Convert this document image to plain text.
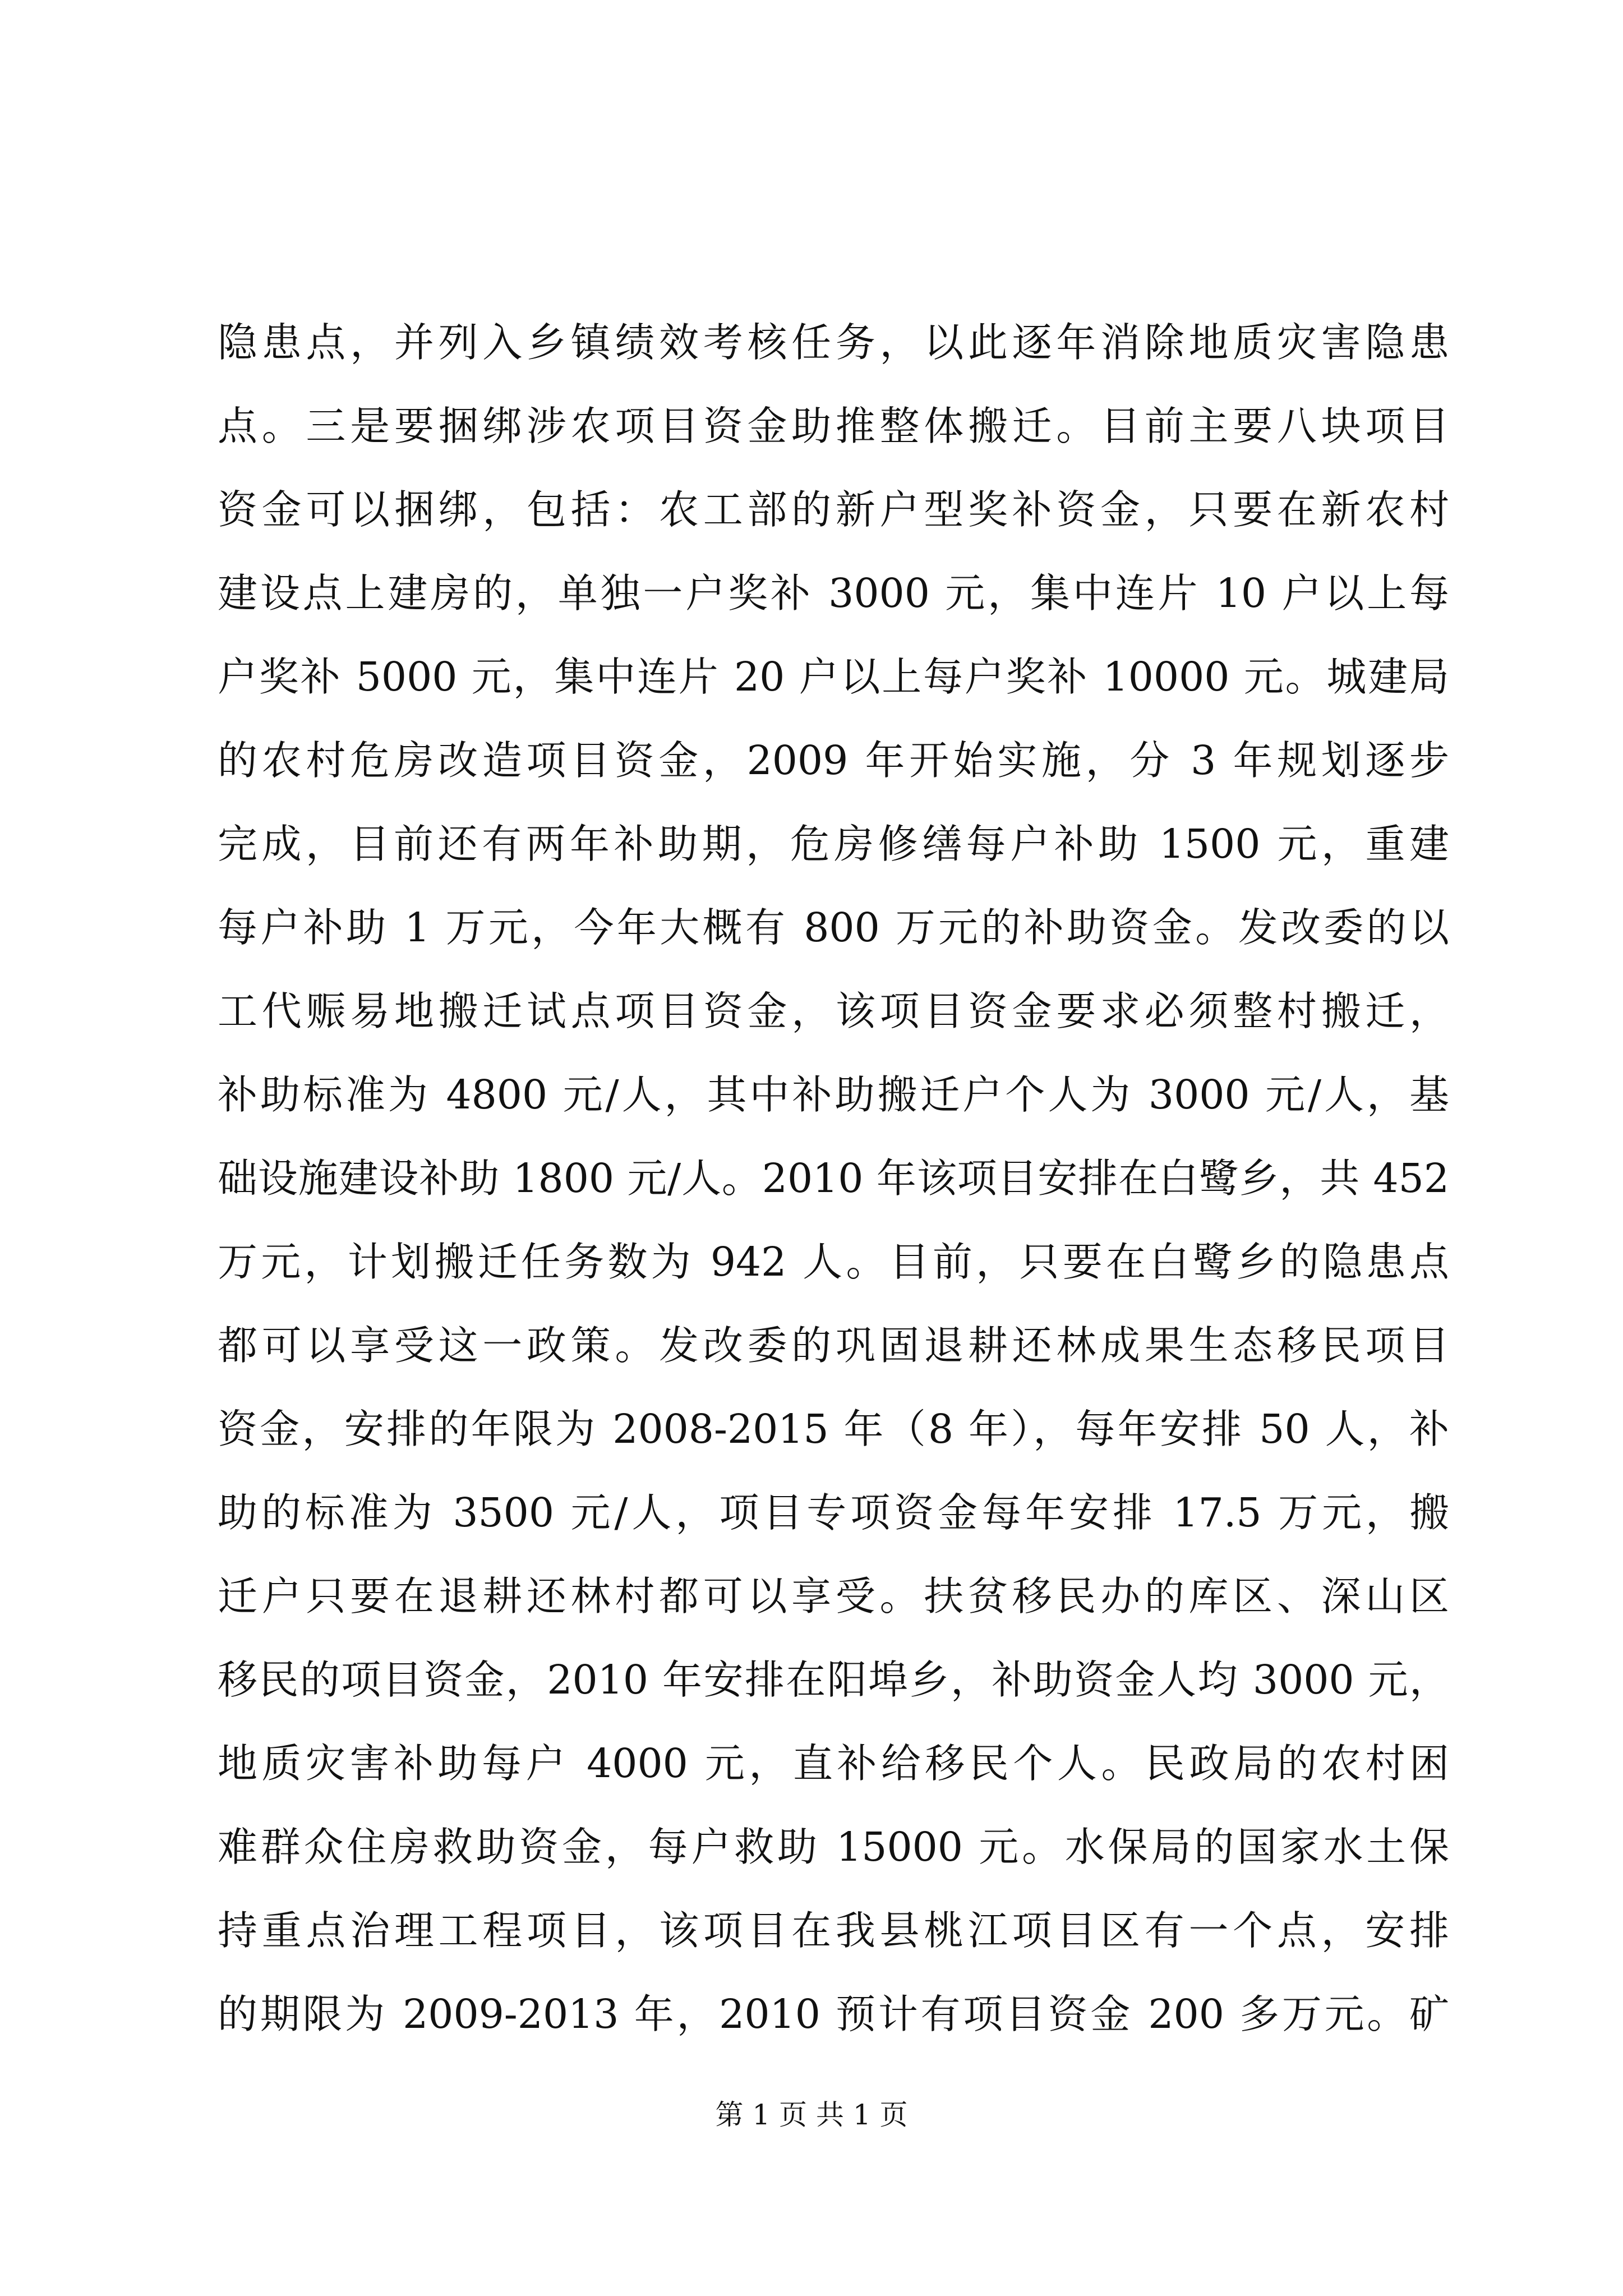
隐患点，并列入乡镇绩效考核任务，以此逐年消除地质灾害隐患
点。三是要捆绑涉农项目资金助推整体搬迁。目前主要八块项目
资金可以捆绑，包括：农工部的新户型奖补资金，只要在新农村
建设点上建房的，单独一户奖补 3000 元，集中连片 10 户以上每
户奖补 5000 元，集中连片 20 户以上每户奖补 10000 元。城建局
的农村危房改造项目资金，2009 年开始实施，分 3 年规划逐步
完成，目前还有两年补助期，危房修缮每户补助 1500 元，重建
每户补助 1 万元，今年大概有 800 万元的补助资金。发改委的以
工代赈易地搬迁试点项目资金，该项目资金要求必须整村搬迁，
补助标准为 4800 元/人，其中补助搬迁户个人为 3000 元/人，基
础设施建设补助 1800 元/人。2010 年该项目安排在白鹭乡，共 452
万元，计划搬迁任务数为 942 人。目前，只要在白鹭乡的隐患点
都可以享受这一政策。发改委的巩固退耕还林成果生态移民项目
资金，安排的年限为 2008-2015 年（8 年），每年安排 50 人，补
助的标准为 3500 元/人，项目专项资金每年安排 17.5 万元，搬
迁户只要在退耕还林村都可以享受。扶贫移民办的库区、深山区
移民的项目资金，2010 年安排在阳埠乡，补助资金人均 3000 元，
地质灾害补助每户 4000 元，直补给移民个人。民政局的农村困
难群众住房救助资金，每户救助 15000 元。水保局的国家水土保
持重点治理工程项目，该项目在我县桃江项目区有一个点，安排
的期限为 2009-2013 年，2010 预计有项目资金 200 多万元。矿
第 1 页 共 1 页
